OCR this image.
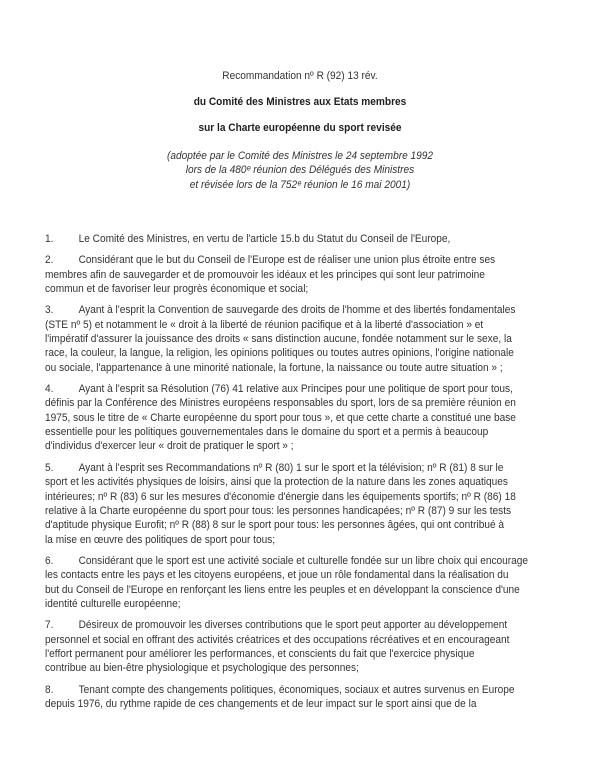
Recommandation nº R (92) 13 rév.
du Comité des Ministres aux Etats membres
sur la Charte européenne du sport revisée
(adoptée par le Comité des Ministres le 24 septembre 1992
lors de la 480ᵉ réunion des Délégués des Ministres
et révisée lors de la 752ᵉ réunion le 16 mai 2001)
1. Le Comité des Ministres, en vertu de l'article 15.b du Statut du Conseil de l'Europe,
2. Considérant que le but du Conseil de l'Europe est de réaliser une union plus étroite entre ses
membres afin de sauvegarder et de promouvoir les idéaux et les principes qui sont leur patrimoine
commun et de favoriser leur progrès économique et social;
3. Ayant à l'esprit la Convention de sauvegarde des droits de l'homme et des libertés fondamentales
(STE nº 5) et notamment le « droit à la liberté de réunion pacifique et à la liberté d'association » et
l'impératif d'assurer la jouissance des droits « sans distinction aucune, fondée notamment sur le sexe, la
race, la couleur, la langue, la religion, les opinions politiques ou toutes autres opinions, l'origine nationale
ou sociale, l'appartenance à une minorité nationale, la fortune, la naissance ou toute autre situation » ;
4. Ayant à l'esprit sa Résolution (76) 41 relative aux Principes pour une politique de sport pour tous,
définis par la Conférence des Ministres européens responsables du sport, lors de sa première réunion en
1975, sous le titre de « Charte européenne du sport pour tous », et que cette charte a constitué une base
essentielle pour les politiques gouvernementales dans le domaine du sport et a permis à beaucoup
d'individus d'exercer leur « droit de pratiquer le sport » ;
5. Ayant à l'esprit ses Recommandations nº R (80) 1 sur le sport et la télévision; nº R (81) 8 sur le
sport et les activités physiques de loisirs, ainsi que la protection de la nature dans les zones aquatiques
intérieures; nº R (83) 6 sur les mesures d'économie d'énergie dans les équipements sportifs; nº R (86) 18
relative à la Charte européenne du sport pour tous: les personnes handicapées; nº R (87) 9 sur les tests
d'aptitude physique Eurofit; nº R (88) 8 sur le sport pour tous: les personnes âgées, qui ont contribué à
la mise en œuvre des politiques de sport pour tous;
6. Considérant que le sport est une activité sociale et culturelle fondée sur un libre choix qui encourage
les contacts entre les pays et les citoyens européens, et joue un rôle fondamental dans la réalisation du
but du Conseil de l'Europe en renforçant les liens entre les peuples et en développant la conscience d'une
identité culturelle européenne;
7. Désireux de promouvoir les diverses contributions que le sport peut apporter au développement
personnel et social en offrant des activités créatrices et des occupations récréatives et en encourageant
l'effort permanent pour améliorer les performances, et conscients du fait que l'exercice physique
contribue au bien-être physiologique et psychologique des personnes;
8. Tenant compte des changements politiques, économiques, sociaux et autres survenus en Europe
depuis 1976, du rythme rapide de ces changements et de leur impact sur le sport ainsi que de la
